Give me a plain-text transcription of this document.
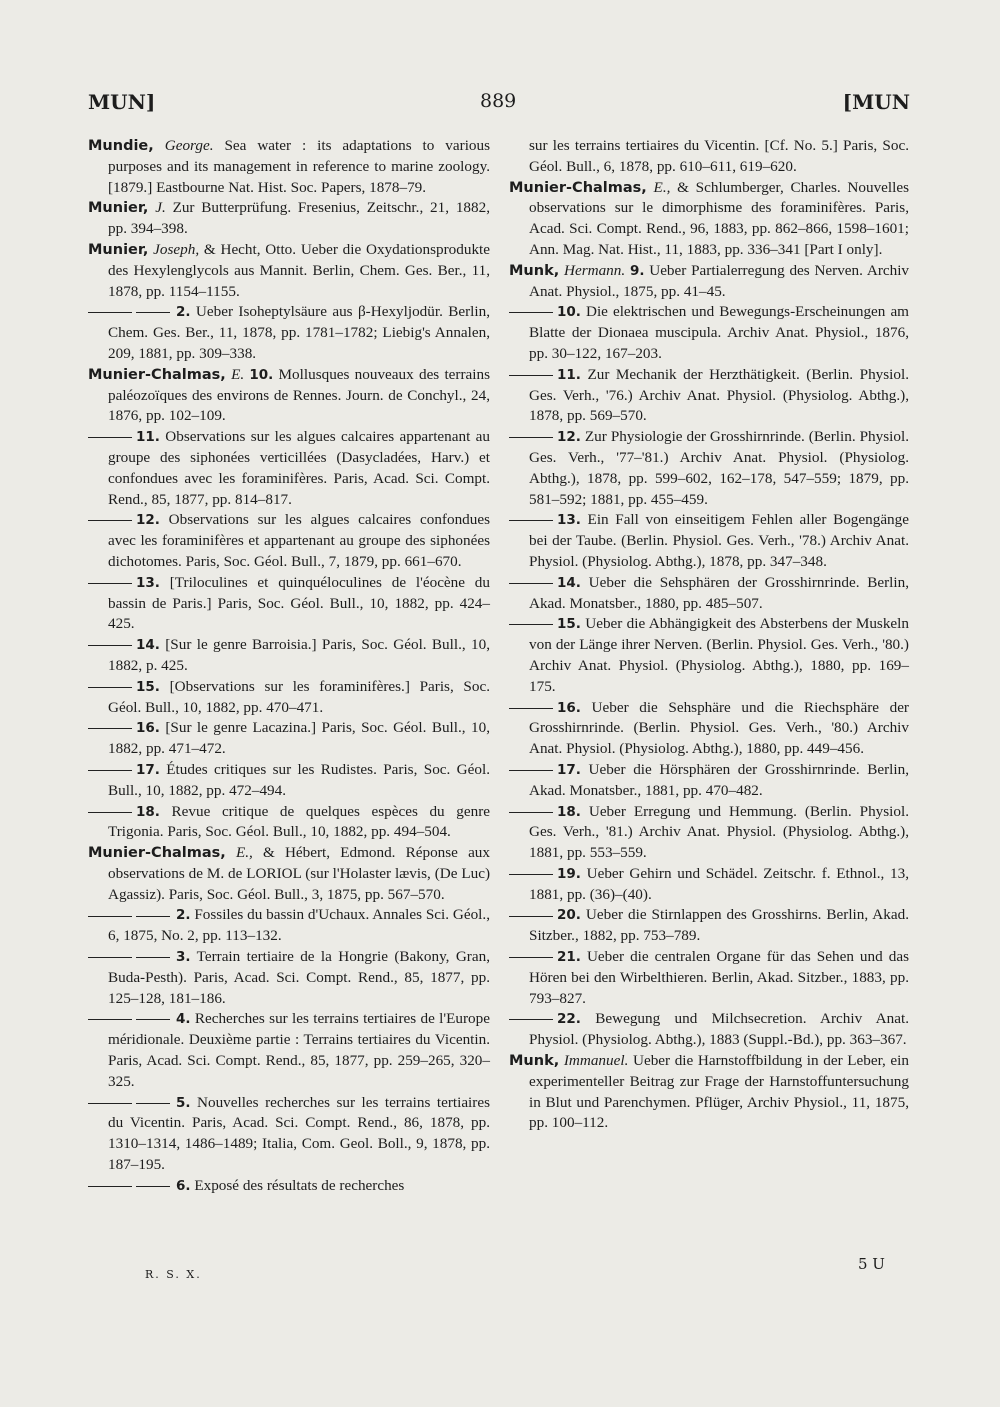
MUN]	889	[MUN

Mundie, George. Sea water : its adaptations to various purposes and its management in reference to marine zoology. [1879.] Eastbourne Nat. Hist. Soc. Papers, 1878–79.

Munier, J. Zur Butterprüfung. Fresenius, Zeitschr., 21, 1882, pp. 394–398.

Munier, Joseph, & Hecht, Otto. Ueber die Oxydationsprodukte des Hexylenglycols aus Mannit. Berlin, Chem. Ges. Ber., 11, 1878, pp. 1154–1155.

2. Ueber Isoheptylsäure aus β-Hexyljodür. Berlin, Chem. Ges. Ber., 11, 1878, pp. 1781–1782; Liebig's Annalen, 209, 1881, pp. 309–338.

Munier-Chalmas, E. 10. Mollusques nouveaux des terrains paléozoïques des environs de Rennes. Journ. de Conchyl., 24, 1876, pp. 102–109.

11. Observations sur les algues calcaires appartenant au groupe des siphonées verticillées (Dasycladées, Harv.) et confondues avec les foraminifères. Paris, Acad. Sci. Compt. Rend., 85, 1877, pp. 814–817.

12. Observations sur les algues calcaires confondues avec les foraminifères et appartenant au groupe des siphonées dichotomes. Paris, Soc. Géol. Bull., 7, 1879, pp. 661–670.

13. [Triloculines et quinquéloculines de l'éocène du bassin de Paris.] Paris, Soc. Géol. Bull., 10, 1882, pp. 424–425.

14. [Sur le genre Barroisia.] Paris, Soc. Géol. Bull., 10, 1882, p. 425.

15. [Observations sur les foraminifères.] Paris, Soc. Géol. Bull., 10, 1882, pp. 470–471.

16. [Sur le genre Lacazina.] Paris, Soc. Géol. Bull., 10, 1882, pp. 471–472.

17. Études critiques sur les Rudistes. Paris, Soc. Géol. Bull., 10, 1882, pp. 472–494.

18. Revue critique de quelques espèces du genre Trigonia. Paris, Soc. Géol. Bull., 10, 1882, pp. 494–504.

Munier-Chalmas, E., & Hébert, Edmond. Réponse aux observations de M. de LORIOL (sur l'Holaster lævis, (De Luc) Agassiz). Paris, Soc. Géol. Bull., 3, 1875, pp. 567–570.

2. Fossiles du bassin d'Uchaux. Annales Sci. Géol., 6, 1875, No. 2, pp. 113–132.

3. Terrain tertiaire de la Hongrie (Bakony, Gran, Buda-Pesth). Paris, Acad. Sci. Compt. Rend., 85, 1877, pp. 125–128, 181–186.

4. Recherches sur les terrains tertiaires de l'Europe méridionale. Deuxième partie : Terrains tertiaires du Vicentin. Paris, Acad. Sci. Compt. Rend., 85, 1877, pp. 259–265, 320–325.

5. Nouvelles recherches sur les terrains tertiaires du Vicentin. Paris, Acad. Sci. Compt. Rend., 86, 1878, pp. 1310–1314, 1486–1489; Italia, Com. Geol. Boll., 9, 1878, pp. 187–195.

6. Exposé des résultats de recherches

sur les terrains tertiaires du Vicentin. [Cf. No. 5.] Paris, Soc. Géol. Bull., 6, 1878, pp. 610–611, 619–620.

Munier-Chalmas, E., & Schlumberger, Charles. Nouvelles observations sur le dimorphisme des foraminifères. Paris, Acad. Sci. Compt. Rend., 96, 1883, pp. 862–866, 1598–1601; Ann. Mag. Nat. Hist., 11, 1883, pp. 336–341 [Part I only].

Munk, Hermann. 9. Ueber Partialerregung des Nerven. Archiv Anat. Physiol., 1875, pp. 41–45.

10. Die elektrischen und Bewegungs-Erscheinungen am Blatte der Dionaea muscipula. Archiv Anat. Physiol., 1876, pp. 30–122, 167–203.

11. Zur Mechanik der Herzthätigkeit. (Berlin. Physiol. Ges. Verh., '76.) Archiv Anat. Physiol. (Physiolog. Abthg.), 1878, pp. 569–570.

12. Zur Physiologie der Grosshirnrinde. (Berlin. Physiol. Ges. Verh., '77–'81.) Archiv Anat. Physiol. (Physiolog. Abthg.), 1878, pp. 599–602, 162–178, 547–559; 1879, pp. 581–592; 1881, pp. 455–459.

13. Ein Fall von einseitigem Fehlen aller Bogengänge bei der Taube. (Berlin. Physiol. Ges. Verh., '78.) Archiv Anat. Physiol. (Physiolog. Abthg.), 1878, pp. 347–348.

14. Ueber die Sehsphären der Grosshirnrinde. Berlin, Akad. Monatsber., 1880, pp. 485–507.

15. Ueber die Abhängigkeit des Absterbens der Muskeln von der Länge ihrer Nerven. (Berlin. Physiol. Ges. Verh., '80.) Archiv Anat. Physiol. (Physiolog. Abthg.), 1880, pp. 169–175.

16. Ueber die Sehsphäre und die Riechsphäre der Grosshirnrinde. (Berlin. Physiol. Ges. Verh., '80.) Archiv Anat. Physiol. (Physiolog. Abthg.), 1880, pp. 449–456.

17. Ueber die Hörsphären der Grosshirnrinde. Berlin, Akad. Monatsber., 1881, pp. 470–482.

18. Ueber Erregung und Hemmung. (Berlin. Physiol. Ges. Verh., '81.) Archiv Anat. Physiol. (Physiolog. Abthg.), 1881, pp. 553–559.

19. Ueber Gehirn und Schädel. Zeitschr. f. Ethnol., 13, 1881, pp. (36)–(40).

20. Ueber die Stirnlappen des Grosshirns. Berlin, Akad. Sitzber., 1882, pp. 753–789.

21. Ueber die centralen Organe für das Sehen und das Hören bei den Wirbelthieren. Berlin, Akad. Sitzber., 1883, pp. 793–827.

22. Bewegung und Milchsecretion. Archiv Anat. Physiol. (Physiolog. Abthg.), 1883 (Suppl.-Bd.), pp. 363–367.

Munk, Immanuel. Ueber die Harnstoffbildung in der Leber, ein experimenteller Beitrag zur Frage der Harnstoffuntersuchung in Blut und Parenchymen. Pflüger, Archiv Physiol., 11, 1875, pp. 100–112.

R. S. X.
5 U
